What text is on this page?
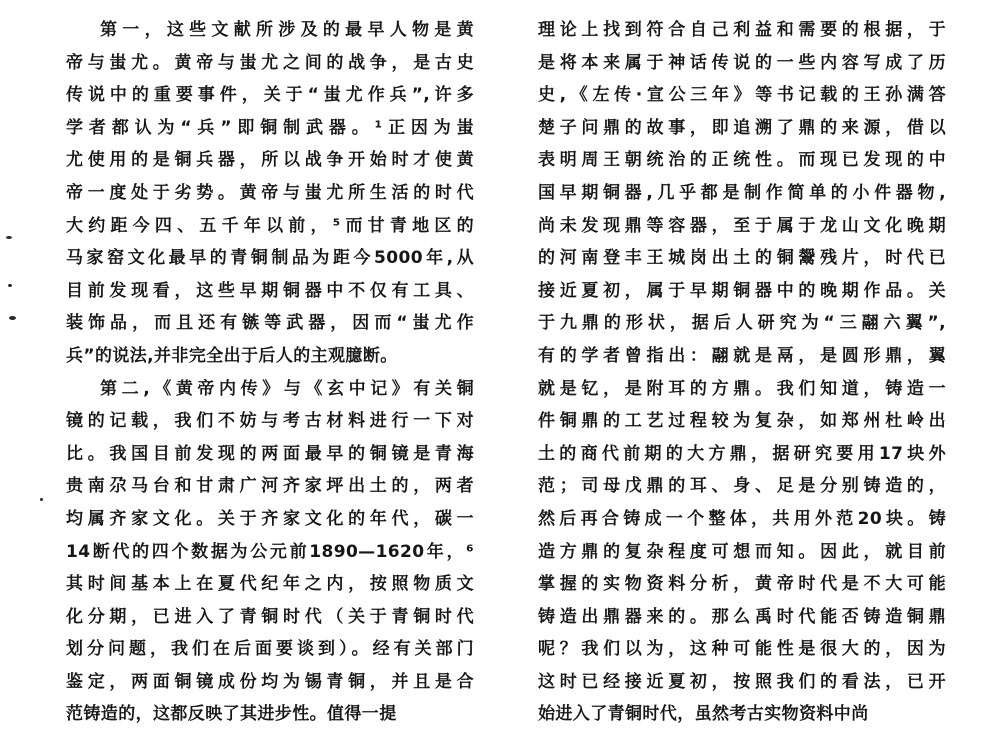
第一，这些文献所涉及的最早人物是黄
帝与蚩尤。黄帝与蚩尤之间的战争，是古史
传说中的重要事件，关于“蚩尤作兵”,许多
学者都认为“兵”即铜制武器。¹正因为蚩
尤使用的是铜兵器，所以战争开始时才使黄
帝一度处于劣势。黄帝与蚩尤所生活的时代
大约距今四、五千年以前，⁵而甘青地区的
马家窑文化最早的青铜制品为距今5000年,从
目前发现看，这些早期铜器中不仅有工具、
装饰品，而且还有镞等武器，因而“蚩尤作
兵”的说法,并非完全出于后人的主观臆断。
第二,《黄帝内传》与《玄中记》有关铜
镜的记载，我们不妨与考古材料进行一下对
比。我国目前发现的两面最早的铜镜是青海
贵南尕马台和甘肃广河齐家坪出土的，两者
均属齐家文化。关于齐家文化的年代，碳一
14断代的四个数据为公元前1890—1620年，⁶
其时间基本上在夏代纪年之内，按照物质文
化分期，已进入了青铜时代（关于青铜时代
划分问题，我们在后面要谈到）。经有关部门
鉴定，两面铜镜成份均为锡青铜，并且是合
范铸造的，这都反映了其进步性。值得一提
理论上找到符合自己利益和需要的根据，于
是将本来属于神话传说的一些内容写成了历
史,《左传·宣公三年》等书记载的王孙满答
楚子问鼎的故事，即追溯了鼎的来源，借以
表明周王朝统治的正统性。而现已发现的中
国早期铜器,几乎都是制作简单的小件器物,
尚未发现鼎等容器，至于属于龙山文化晚期
的河南登丰王城岗出土的铜鬶残片，时代已
接近夏初，属于早期铜器中的晚期作品。关
于九鼎的形状，据后人研究为“三翮六翼”,
有的学者曾指出：翮就是鬲，是圆形鼎，翼
就是钇，是附耳的方鼎。我们知道，铸造一
件铜鼎的工艺过程较为复杂，如郑州杜岭出
土的商代前期的大方鼎，据研究要用17块外
范；司母戊鼎的耳、身、足是分别铸造的，
然后再合铸成一个整体，共用外范20块。铸
造方鼎的复杂程度可想而知。因此，就目前
掌握的实物资料分析，黄帝时代是不大可能
铸造出鼎器来的。那么禹时代能否铸造铜鼎
呢？我们以为，这种可能性是很大的，因为
这时已经接近夏初，按照我们的看法，已开
始进入了青铜时代，虽然考古实物资料中尚
